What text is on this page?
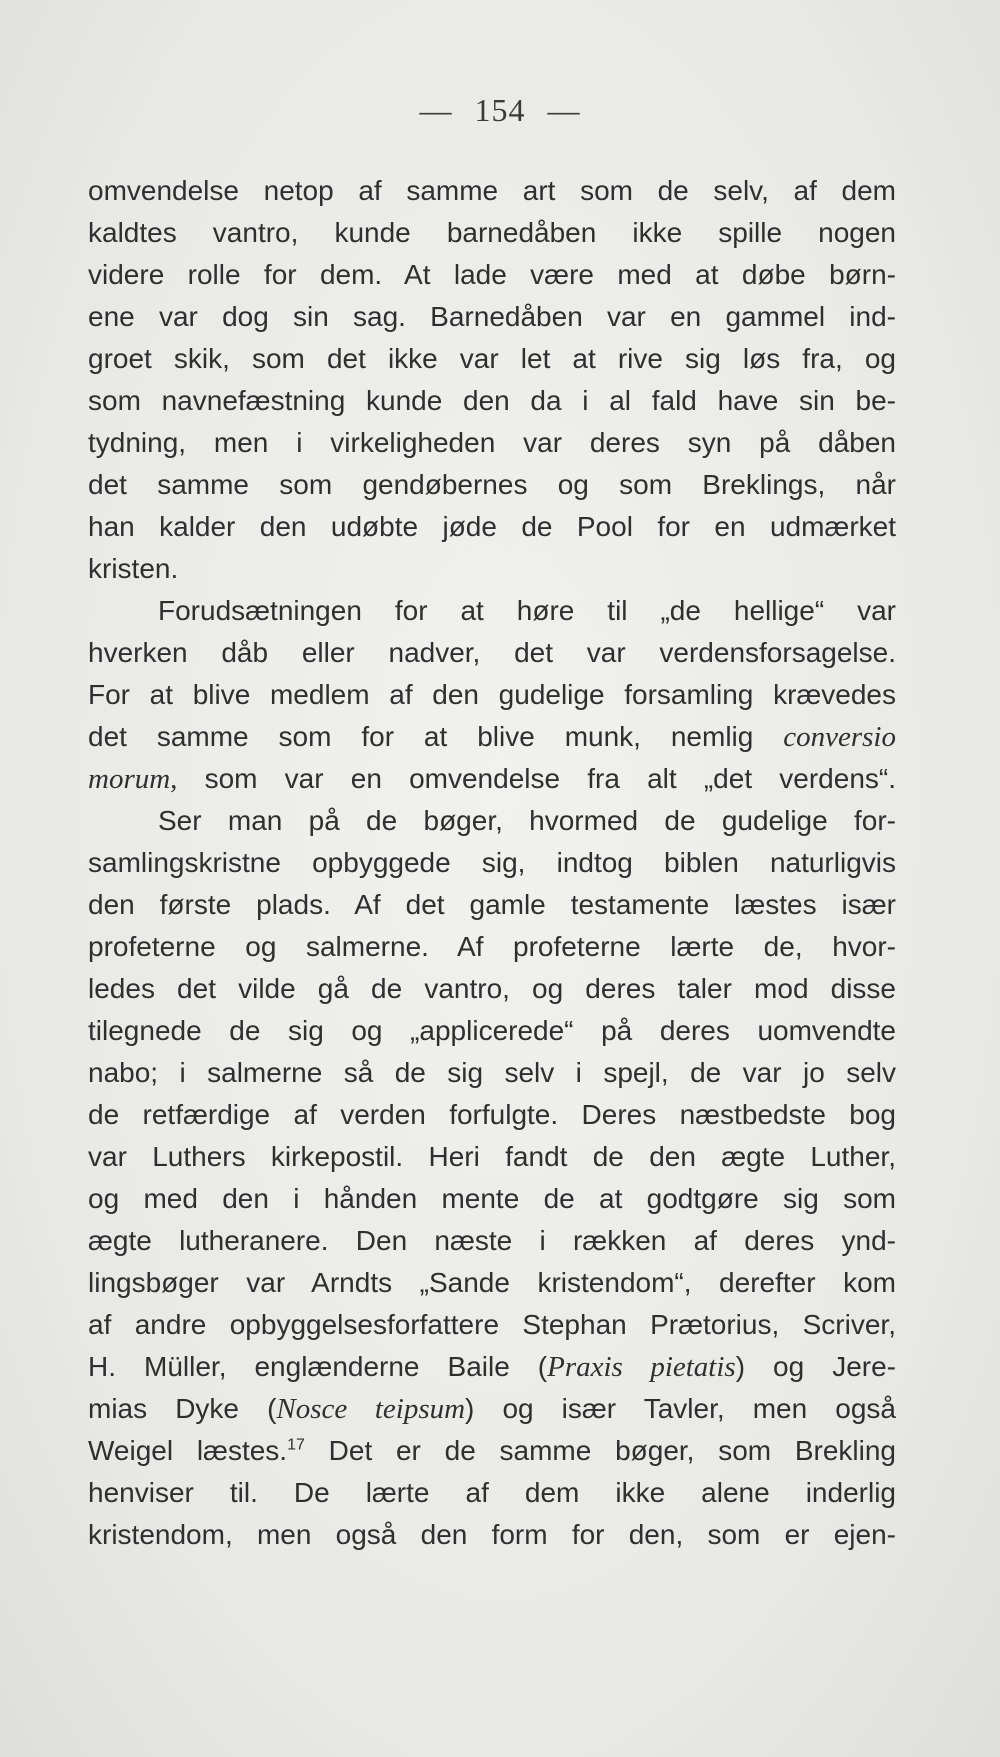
— 154 —
omvendelse netop af samme art som de selv, af dem
kaldtes vantro, kunde barnedåben ikke spille nogen
videre rolle for dem. At lade være med at døbe børn-
ene var dog sin sag. Barnedåben var en gammel ind-
groet skik, som det ikke var let at rive sig løs fra, og
som navnefæstning kunde den da i al fald have sin be-
tydning, men i virkeligheden var deres syn på dåben
det samme som gendøbernes og som Breklings, når
han kalder den udøbte jøde de Pool for en udmærket
kristen.
Forudsætningen for at høre til „de hellige“ var
hverken dåb eller nadver, det var verdensforsagelse.
For at blive medlem af den gudelige forsamling krævedes
det samme som for at blive munk, nemlig conversio
morum, som var en omvendelse fra alt „det verdens“.
Ser man på de bøger, hvormed de gudelige for-
samlingskristne opbyggede sig, indtog biblen naturligvis
den første plads. Af det gamle testamente læstes især
profeterne og salmerne. Af profeterne lærte de, hvor-
ledes det vilde gå de vantro, og deres taler mod disse
tilegnede de sig og „applicerede“ på deres uomvendte
nabo; i salmerne så de sig selv i spejl, de var jo selv
de retfærdige af verden forfulgte. Deres næstbedste bog
var Luthers kirkepostil. Heri fandt de den ægte Luther,
og med den i hånden mente de at godtgøre sig som
ægte lutheranere. Den næste i rækken af deres ynd-
lingsbøger var Arndts „Sande kristendom“, derefter kom
af andre opbyggelsesforfattere Stephan Prætorius, Scriver,
H. Müller, englænderne Baile (Praxis pietatis) og Jere-
mias Dyke (Nosce teipsum) og især Tavler, men også
Weigel læstes.$^{17}$ Det er de samme bøger, som Brekling
henviser til. De lærte af dem ikke alene inderlig
kristendom, men også den form for den, som er ejen-
